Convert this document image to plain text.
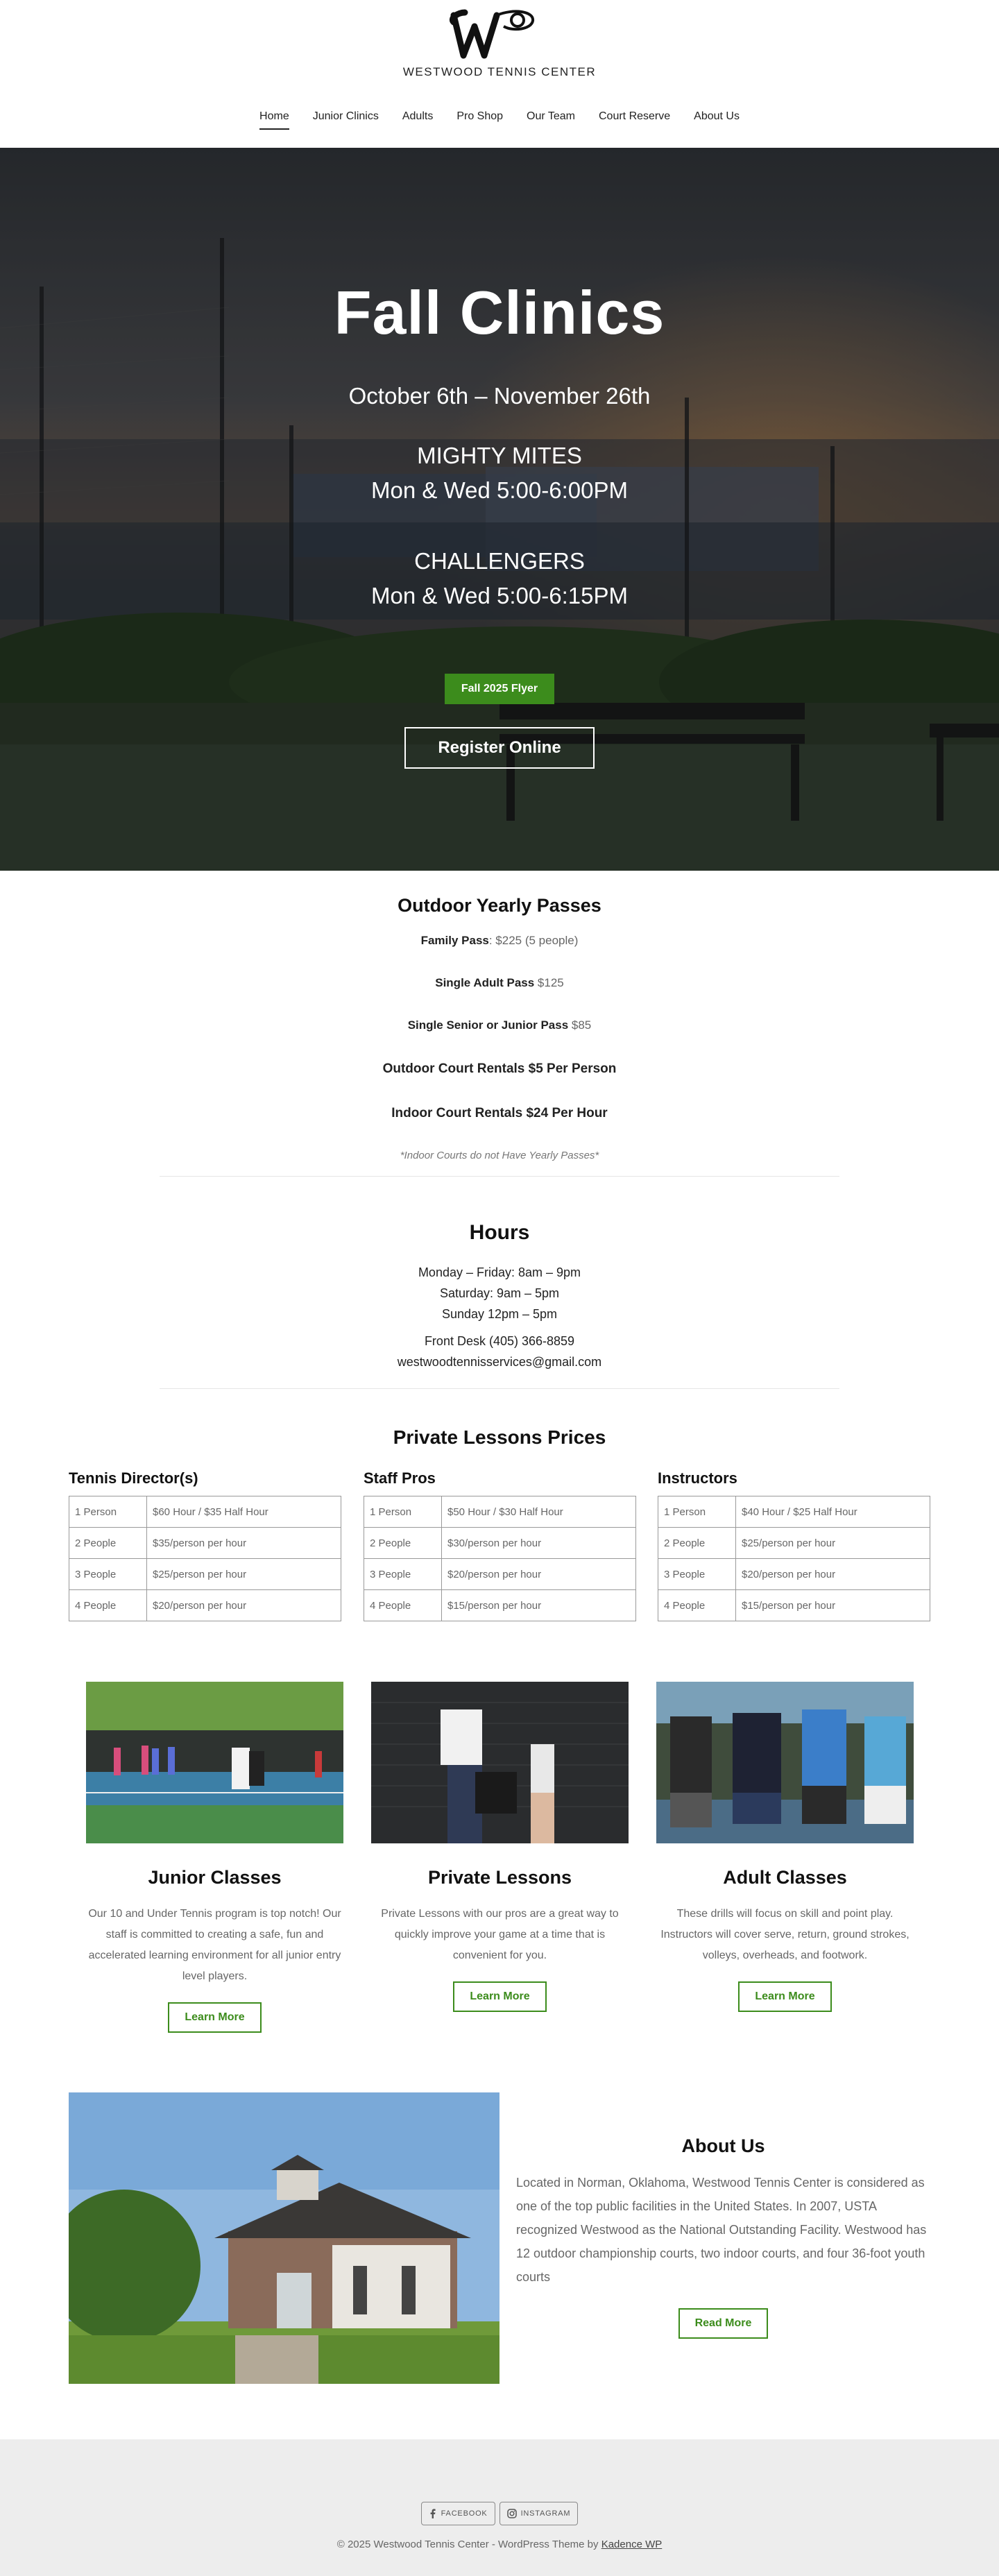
WESTWOOD TENNIS CENTER
Home	Junior Clinics	Adults	Pro Shop	Our Team	Court Reserve	About Us
Fall Clinics
October 6th – November 26th
MIGHTY MITES
Mon & Wed 5:00-6:00PM
CHALLENGERS
Mon & Wed 5:00-6:15PM
Fall 2025 Flyer
Register Online
Outdoor Yearly Passes
Family Pass: $225 (5 people)
Single Adult Pass $125
Single Senior or Junior Pass $85
Outdoor Court Rentals $5 Per Person
Indoor Court Rentals $24 Per Hour
*Indoor Courts do not Have Yearly Passes*
Hours
Monday – Friday: 8am – 9pm
Saturday: 9am – 5pm
Sunday 12pm – 5pm
Front Desk (405) 366-8859
westwoodtennisservices@gmail.com
Private Lessons Prices
Tennis Director(s)
1 Person	$60 Hour / $35 Half Hour
2 People	$35/person per hour
3 People	$25/person per hour
4 People	$20/person per hour
Staff Pros
1 Person	$50 Hour / $30 Half Hour
2 People	$30/person per hour
3 People	$20/person per hour
4 People	$15/person per hour
Instructors
1 Person	$40 Hour / $25 Half Hour
2 People	$25/person per hour
3 People	$20/person per hour
4 People	$15/person per hour
Junior Classes

Our 10 and Under Tennis program is top notch! Our staff is committed to creating a safe, fun and accelerated learning environment for all junior entry level players.

Learn More
Private Lessons

Private Lessons with our pros are a great way to quickly improve your game at a time that is convenient for you.

Learn More
Adult Classes

These drills will focus on skill and point play. Instructors will cover serve, return, ground strokes, volleys, overheads, and footwork.

Learn More
About Us

Located in Norman, Oklahoma, Westwood Tennis Center is considered as one of the top public facilities in the United States. In 2007, USTA recognized Westwood as the National Outstanding Facility. Westwood has 12 outdoor championship courts, two indoor courts, and four 36-foot youth courts

Read More
FACEBOOK	INSTAGRAM
© 2025 Westwood Tennis Center - WordPress Theme by Kadence WP
